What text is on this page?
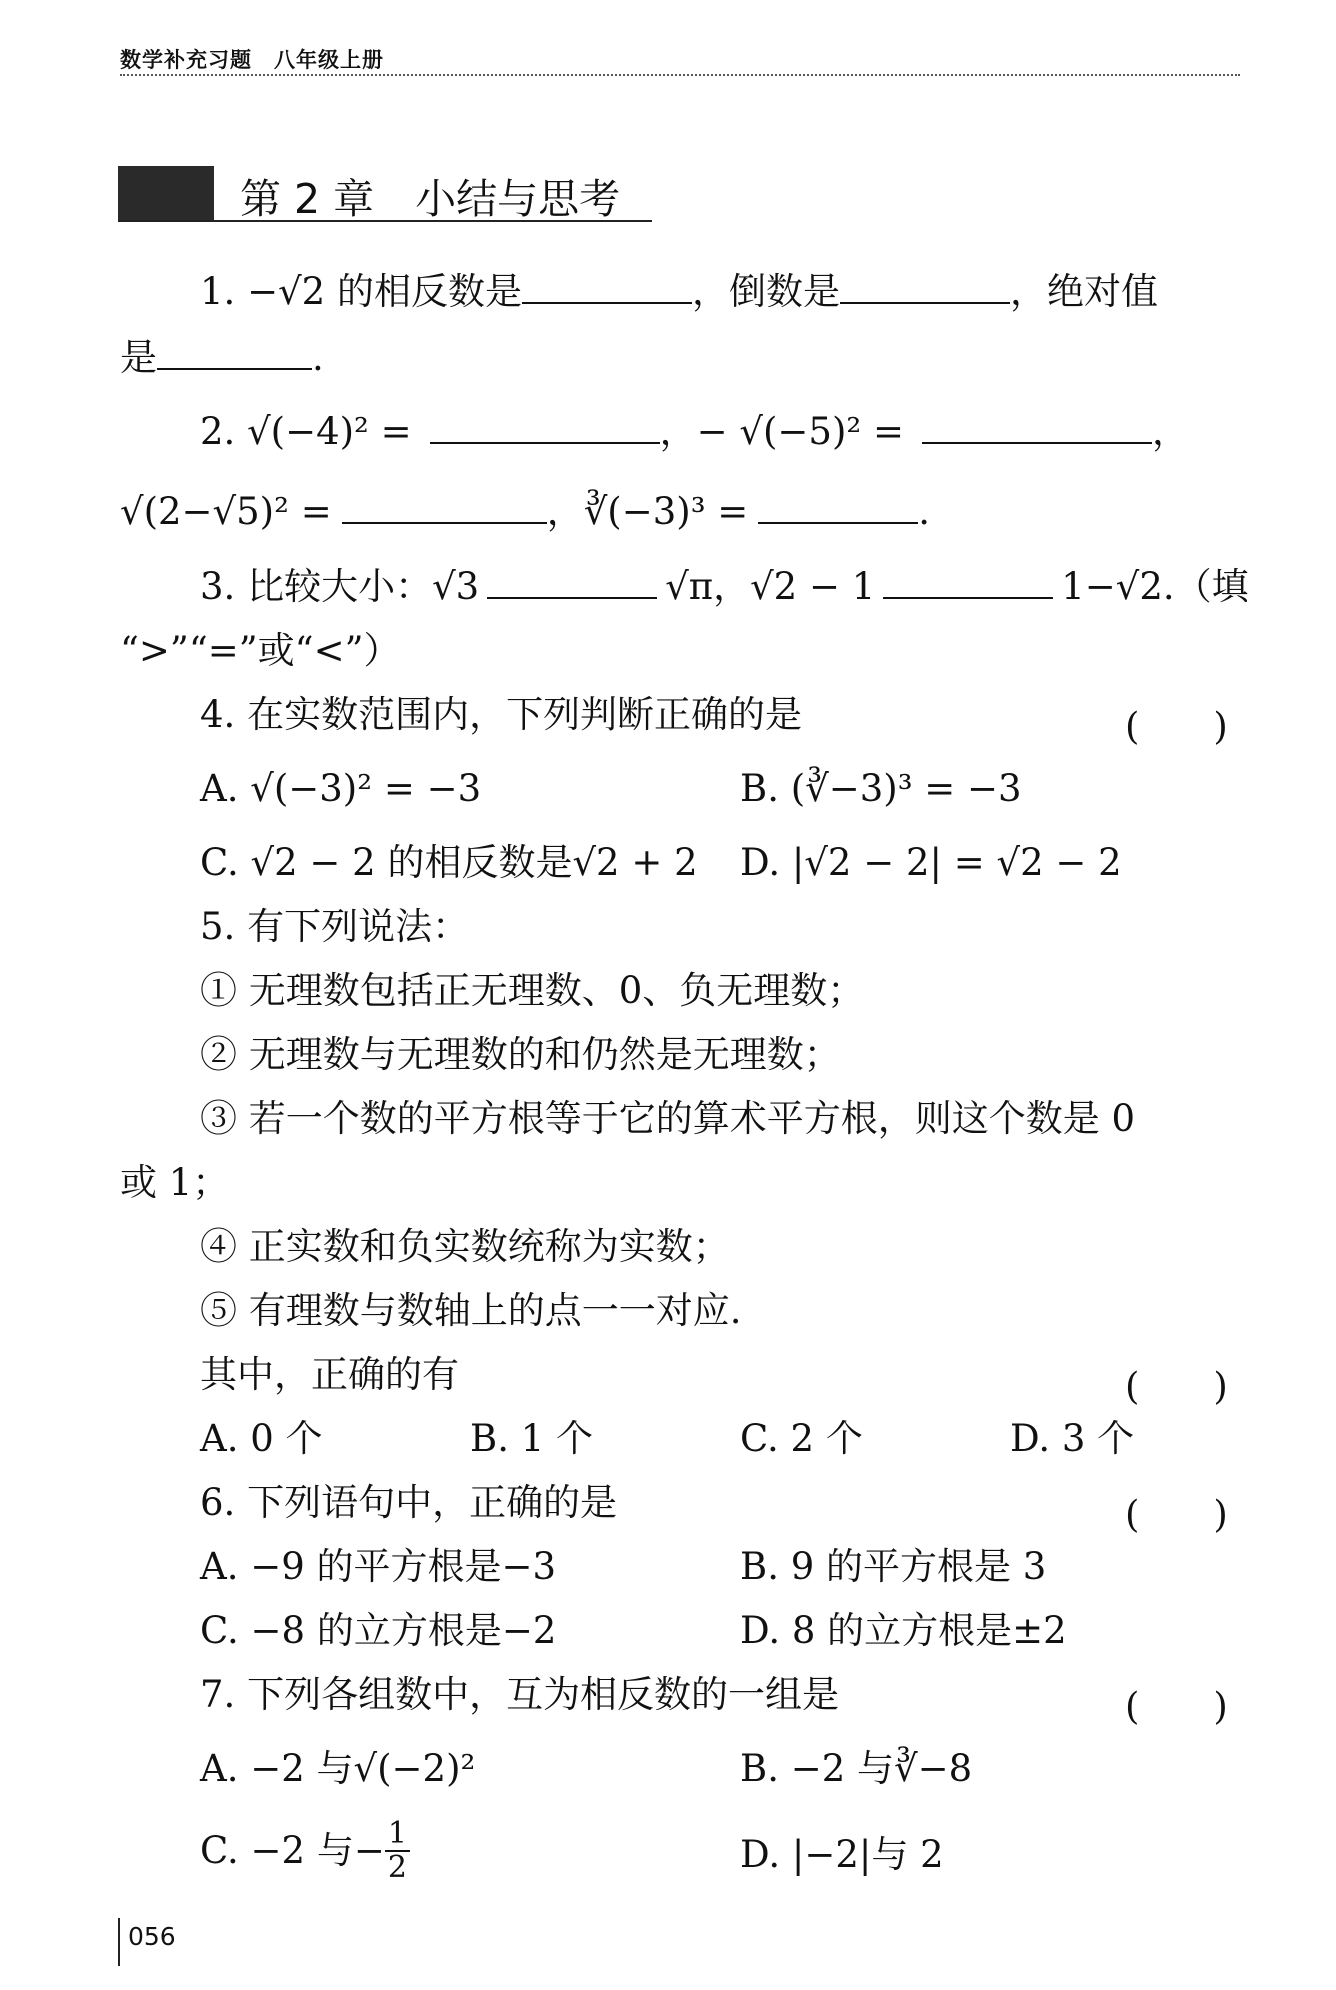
数学补充习题　八年级上册
第 2 章　小结与思考
1. −√2 的相反数是	，倒数是	，绝对值
是	.
2. √(−4)² =	，− √(−5)² =	，
√(2−√5)² =	，∛(−3)³ =	.
3. 比较大小：√3	√π，√2 − 1	1−√2.（填
“>”“=”或“<”）
4. 在实数范围内，下列判断正确的是	(　　)
A. √(−3)² = −3	B. (∛−3)³ = −3
C. √2 − 2 的相反数是√2 + 2 D. |√2 − 2| = √2 − 2
5. 有下列说法：
① 无理数包括正无理数、0、负无理数；
② 无理数与无理数的和仍然是无理数；
③ 若一个数的平方根等于它的算术平方根，则这个数是 0
或 1；
④ 正实数和负实数统称为实数；
⑤ 有理数与数轴上的点一一对应.
其中，正确的有	(　　)
A. 0 个	B. 1 个	C. 2 个	D. 3 个
6. 下列语句中，正确的是	(　　)
A. −9 的平方根是−3	B. 9 的平方根是 3
C. −8 的立方根是−2	D. 8 的立方根是±2
7. 下列各组数中，互为相反数的一组是	(　　)
A. −2 与√(−2)²	B. −2 与∛−8
C. −2 与− $\frac{1}{2}$	D. |−2|与 2
056
